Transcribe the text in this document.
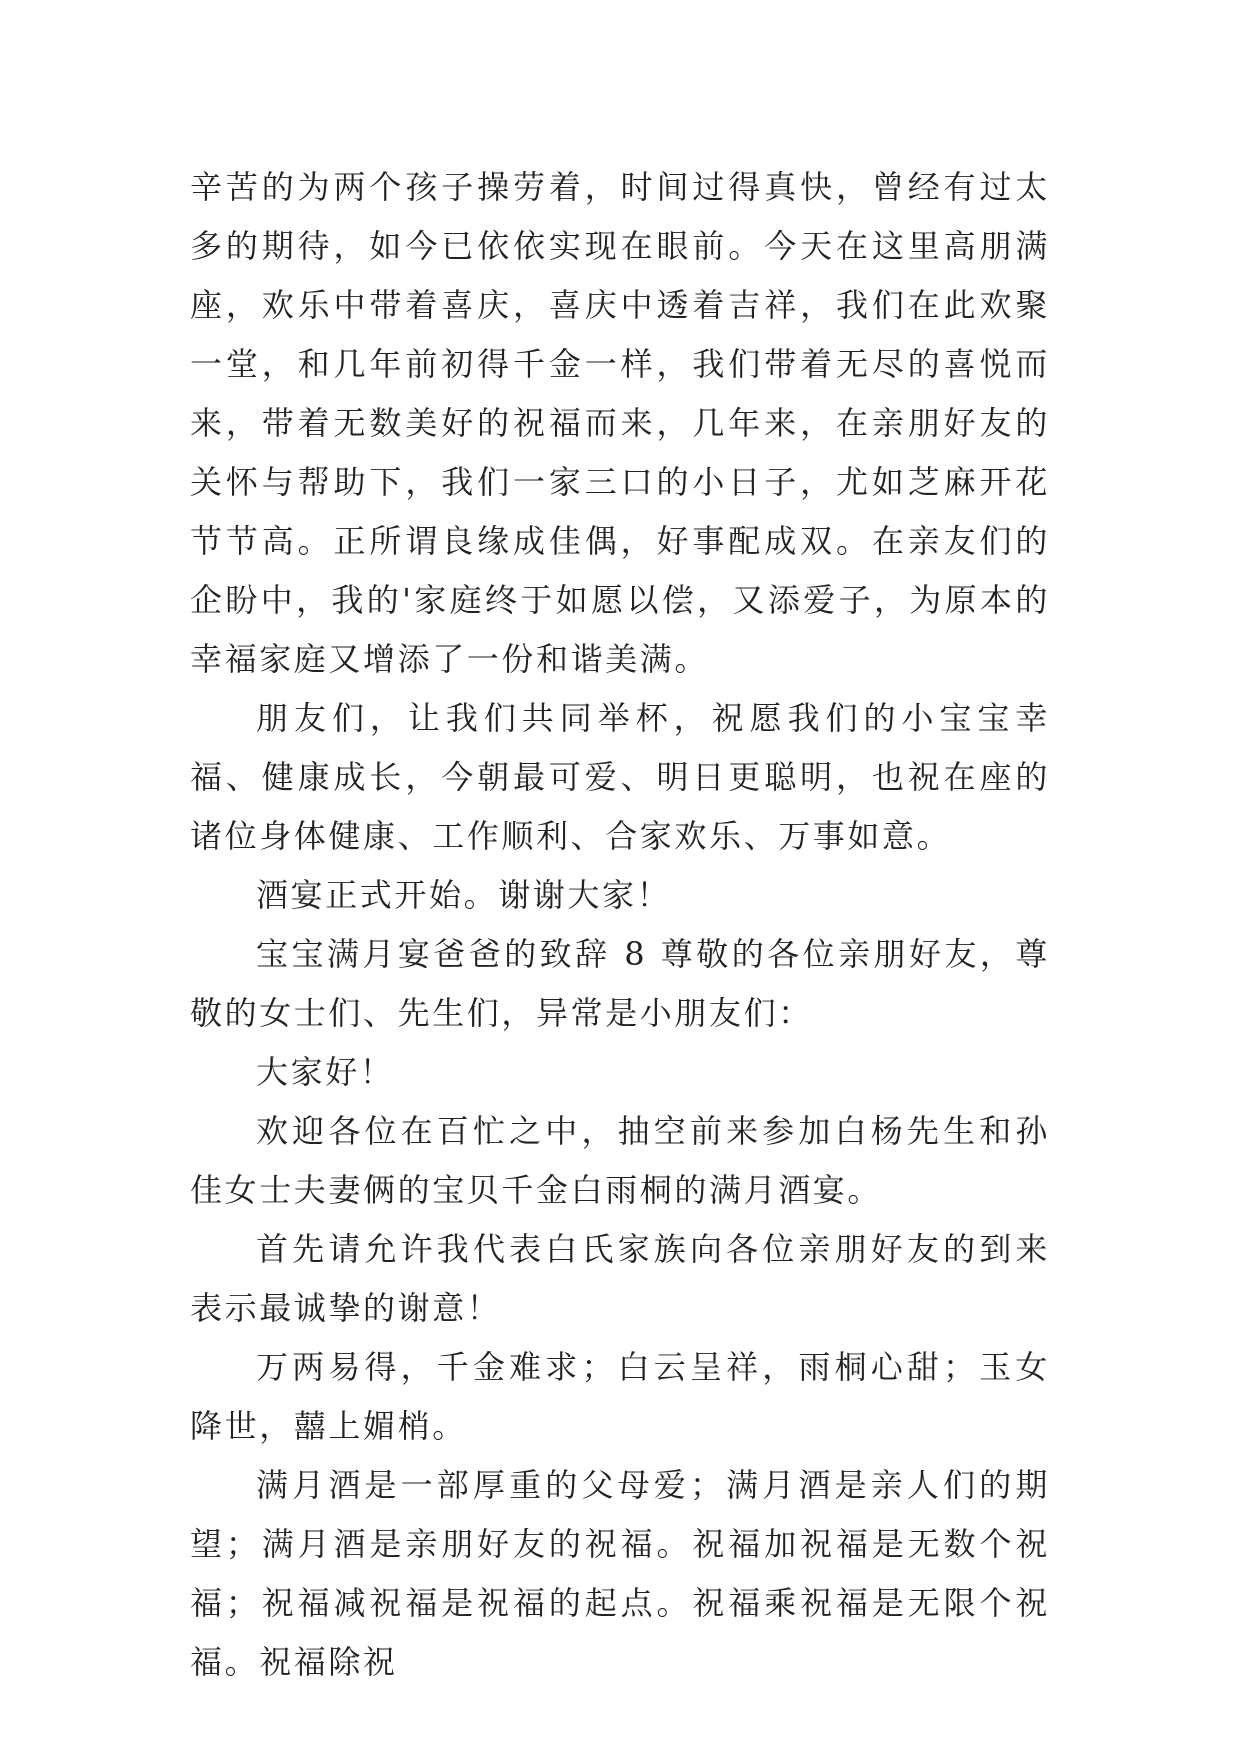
辛苦的为两个孩子操劳着，时间过得真快，曾经有过太多的期待，如今已依依实现在眼前。今天在这里高朋满座，欢乐中带着喜庆，喜庆中透着吉祥，我们在此欢聚一堂，和几年前初得千金一样，我们带着无尽的喜悦而来，带着无数美好的祝福而来，几年来，在亲朋好友的关怀与帮助下，我们一家三口的小日子，尤如芝麻开花节节高。正所谓良缘成佳偶，好事配成双。在亲友们的企盼中，我的'家庭终于如愿以偿，又添爱子，为原本的幸福家庭又增添了一份和谐美满。

朋友们，让我们共同举杯，祝愿我们的小宝宝幸福、健康成长，今朝最可爱、明日更聪明，也祝在座的诸位身体健康、工作顺利、合家欢乐、万事如意。

酒宴正式开始。谢谢大家！

宝宝满月宴爸爸的致辞 8 尊敬的各位亲朋好友，尊敬的女士们、先生们，异常是小朋友们：

大家好！

欢迎各位在百忙之中，抽空前来参加白杨先生和孙佳女士夫妻俩的宝贝千金白雨桐的满月酒宴。

首先请允许我代表白氏家族向各位亲朋好友的到来表示最诚挚的谢意！

万两易得，千金难求；白云呈祥，雨桐心甜；玉女降世，囍上媚梢。

满月酒是一部厚重的父母爱；满月酒是亲人们的期望；满月酒是亲朋好友的祝福。祝福加祝福是无数个祝福；祝福减祝福是祝福的起点。祝福乘祝福是无限个祝福。祝福除祝
